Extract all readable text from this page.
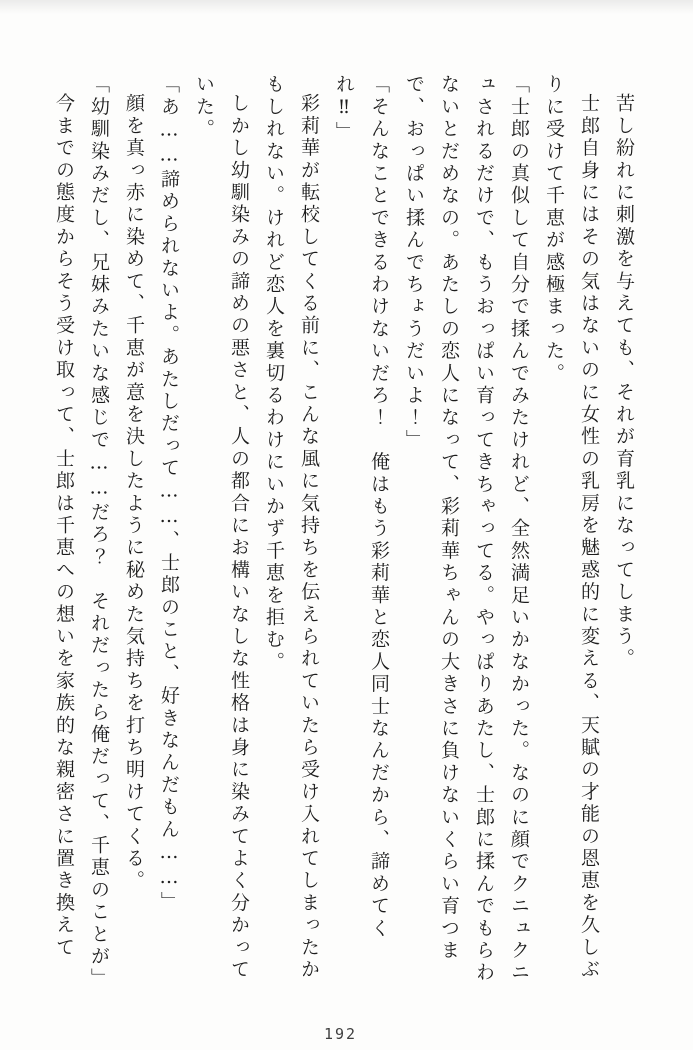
苦し紛れに刺激を与えても、それが育乳になってしまう。

士郎自身にはその気はないのに女性の乳房を魅惑的に変える、天賦の才能の恩恵を久しぶりに受けて千恵が感極まった。

「士郎の真似して自分で揉んでみたけれど、全然満足いかなかった。なのに顔でクニュクニュされるだけで、もうおっぱい育ってきちゃってる。やっぱりあたし、士郎に揉んでもらわないとだめなの。あたしの恋人になって、彩莉華ちゃんの大きさに負けないくらい育つまで、おっぱい揉んでちょうだいよ！」

「そんなことできるわけないだろ！　俺はもう彩莉華と恋人同士なんだから、諦めてくれ‼」

彩莉華が転校してくる前に、こんな風に気持ちを伝えられていたら受け入れてしまったかもしれない。けれど恋人を裏切るわけにいかず千恵を拒む。

しかし幼馴染みの諦めの悪さと、人の都合にお構いなしな性格は身に染みてよく分かっていた。

「あ……諦められないよ。あたしだって……、士郎のこと、好きなんだもん……」

顔を真っ赤に染めて、千恵が意を決したように秘めた気持ちを打ち明けてくる。

「幼馴染みだし、兄妹みたいな感じで……だろ？　それだったら俺だって、千恵のことが」

今までの態度からそう受け取って、士郎は千恵への想いを家族的な親密さに置き換えて

192
